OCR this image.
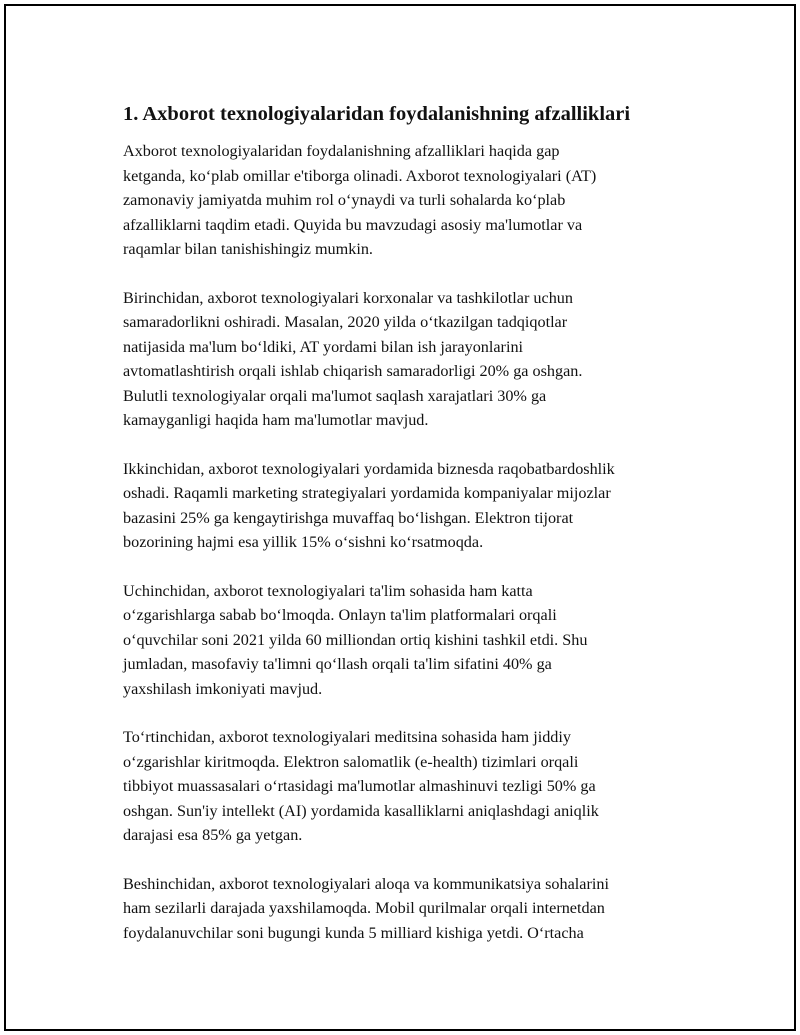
1. Axborot texnologiyalaridan foydalanishning afzalliklari

Axborot texnologiyalaridan foydalanishning afzalliklari haqida gap
ketganda, ko‘plab omillar e'tiborga olinadi. Axborot texnologiyalari (AT)
zamonaviy jamiyatda muhim rol o‘ynaydi va turli sohalarda ko‘plab
afzalliklarni taqdim etadi. Quyida bu mavzudagi asosiy ma'lumotlar va
raqamlar bilan tanishishingiz mumkin.

Birinchidan, axborot texnologiyalari korxonalar va tashkilotlar uchun
samaradorlikni oshiradi. Masalan, 2020 yilda o‘tkazilgan tadqiqotlar
natijasida ma'lum bo‘ldiki, AT yordami bilan ish jarayonlarini
avtomatlashtirish orqali ishlab chiqarish samaradorligi 20% ga oshgan.
Bulutli texnologiyalar orqali ma'lumot saqlash xarajatlari 30% ga
kamayganligi haqida ham ma'lumotlar mavjud.

Ikkinchidan, axborot texnologiyalari yordamida biznesda raqobatbardoshlik
oshadi. Raqamli marketing strategiyalari yordamida kompaniyalar mijozlar
bazasini 25% ga kengaytirishga muvaffaq bo‘lishgan. Elektron tijorat
bozorining hajmi esa yillik 15% o‘sishni ko‘rsatmoqda.

Uchinchidan, axborot texnologiyalari ta'lim sohasida ham katta
o‘zgarishlarga sabab bo‘lmoqda. Onlayn ta'lim platformalari orqali
o‘quvchilar soni 2021 yilda 60 milliondan ortiq kishini tashkil etdi. Shu
jumladan, masofaviy ta'limni qo‘llash orqali ta'lim sifatini 40% ga
yaxshilash imkoniyati mavjud.

To‘rtinchidan, axborot texnologiyalari meditsina sohasida ham jiddiy
o‘zgarishlar kiritmoqda. Elektron salomatlik (e-health) tizimlari orqali
tibbiyot muassasalari o‘rtasidagi ma'lumotlar almashinuvi tezligi 50% ga
oshgan. Sun'iy intellekt (AI) yordamida kasalliklarni aniqlashdagi aniqlik
darajasi esa 85% ga yetgan.

Beshinchidan, axborot texnologiyalari aloqa va kommunikatsiya sohalarini
ham sezilarli darajada yaxshilamoqda. Mobil qurilmalar orqali internetdan
foydalanuvchilar soni bugungi kunda 5 milliard kishiga yetdi. O‘rtacha
